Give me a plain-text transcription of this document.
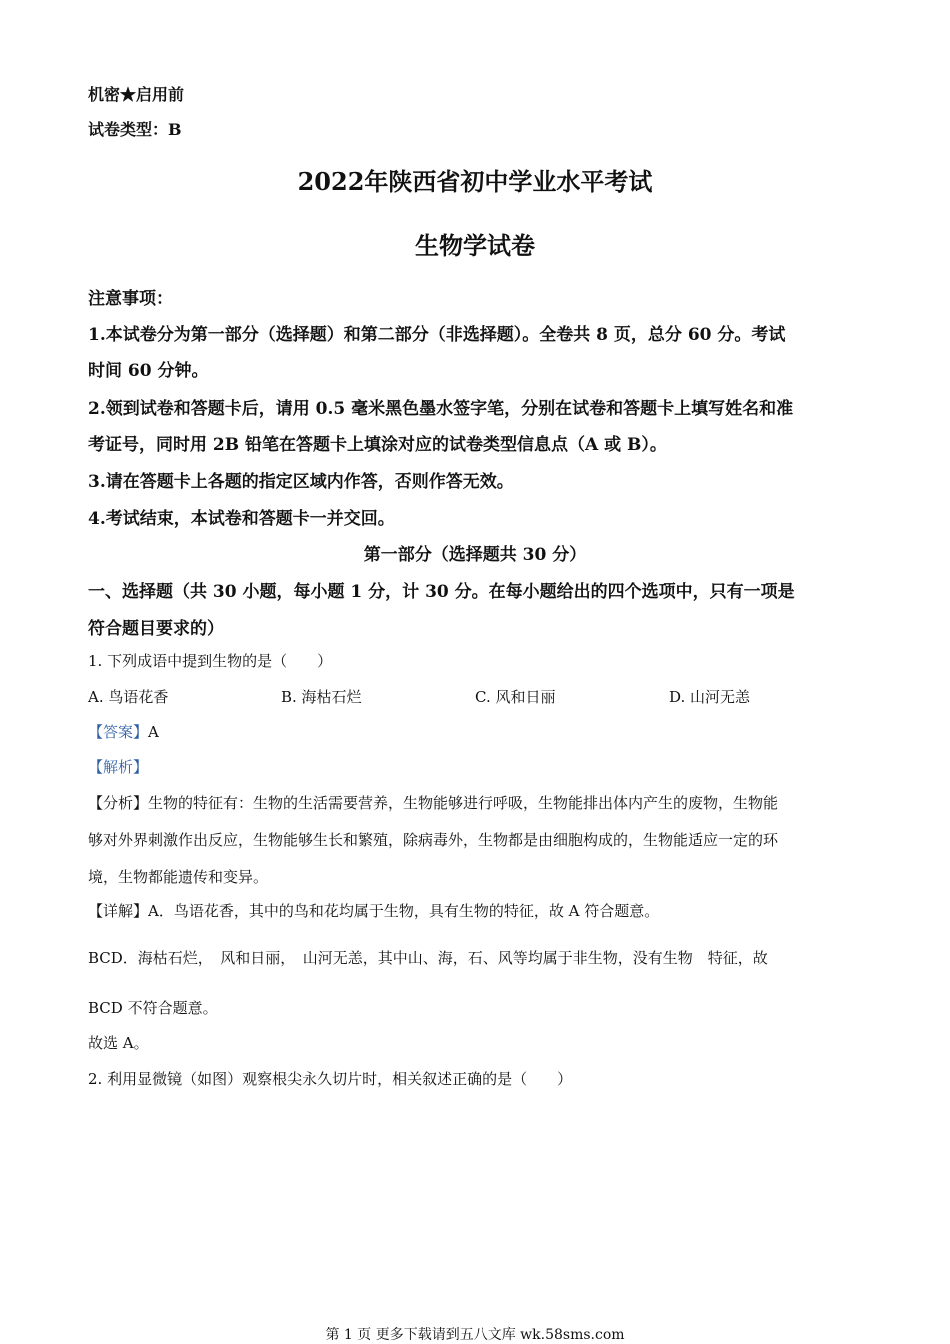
机密★启用前
试卷类型：B
2022年陕西省初中学业水平考试
生物学试卷
注意事项：
1.本试卷分为第一部分（选择题）和第二部分（非选择题）。全卷共 8 页，总分 60 分。考试
时间 60 分钟。
2.领到试卷和答题卡后，请用 0.5 毫米黑色墨水签字笔，分别在试卷和答题卡上填写姓名和准
考证号，同时用 2B 铅笔在答题卡上填涂对应的试卷类型信息点（A 或 B）。
3.请在答题卡上各题的指定区域内作答，否则作答无效。
4.考试结束，本试卷和答题卡一并交回。
第一部分（选择题共 30 分）
一、选择题（共 30 小题，每小题 1 分，计 30 分。在每小题给出的四个选项中，只有一项是
符合题目要求的）
1. 下列成语中提到生物的是（　　）
A. 鸟语花香	B. 海枯石烂	C. 风和日丽	D. 山河无恙
【答案】A
【解析】
【分析】生物的特征有：生物的生活需要营养，生物能够进行呼吸，生物能排出体内产生的废物，生物能
够对外界刺激作出反应，生物能够生长和繁殖，除病毒外，生物都是由细胞构成的，生物能适应一定的环
境，生物都能遗传和变异。
【详解】A．鸟语花香，其中的鸟和花均属于生物，具有生物的特征，故 A 符合题意。
BCD．海枯石烂，　风和日丽，　山河无恙，其中山、海，石、风等均属于非生物，没有生物　特征，故
BCD 不符合题意。
故选 A。
2. 利用显微镜（如图）观察根尖永久切片时，相关叙述正确的是（　　）
第 1 页 更多下载请到五八文库 wk.58sms.com
